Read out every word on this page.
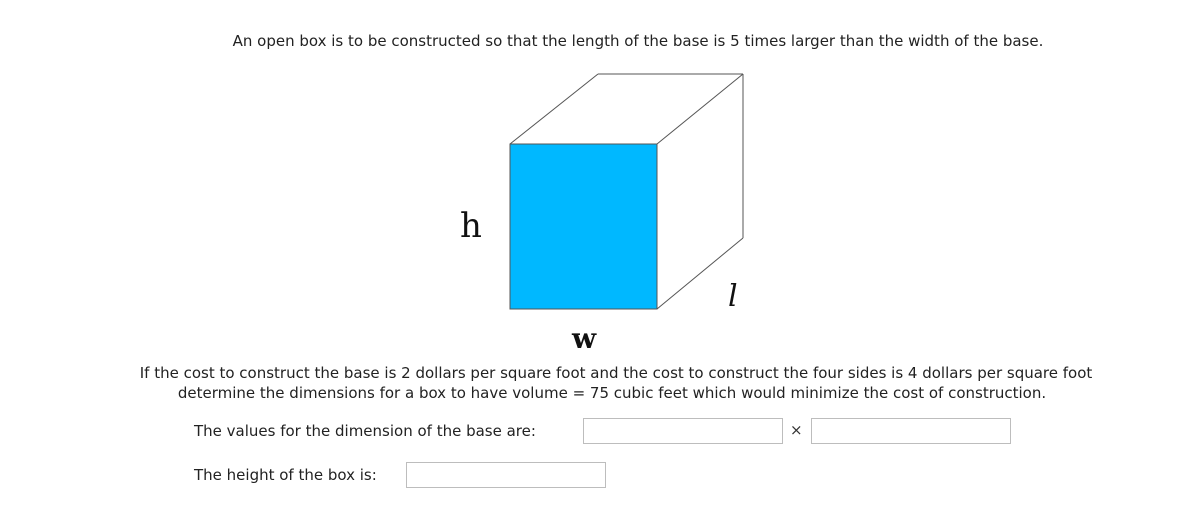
An open box is to be constructed so that the length of the base is 5 times larger than the width of the base.
h
w
l
If the cost to construct the base is 2 dollars per square foot and the cost to construct the four sides is 4 dollars per square foot
determine the dimensions for a box to have volume = 75 cubic feet which would minimize the cost of construction.
The values for the dimension of the base are:	×
The height of the box is:
